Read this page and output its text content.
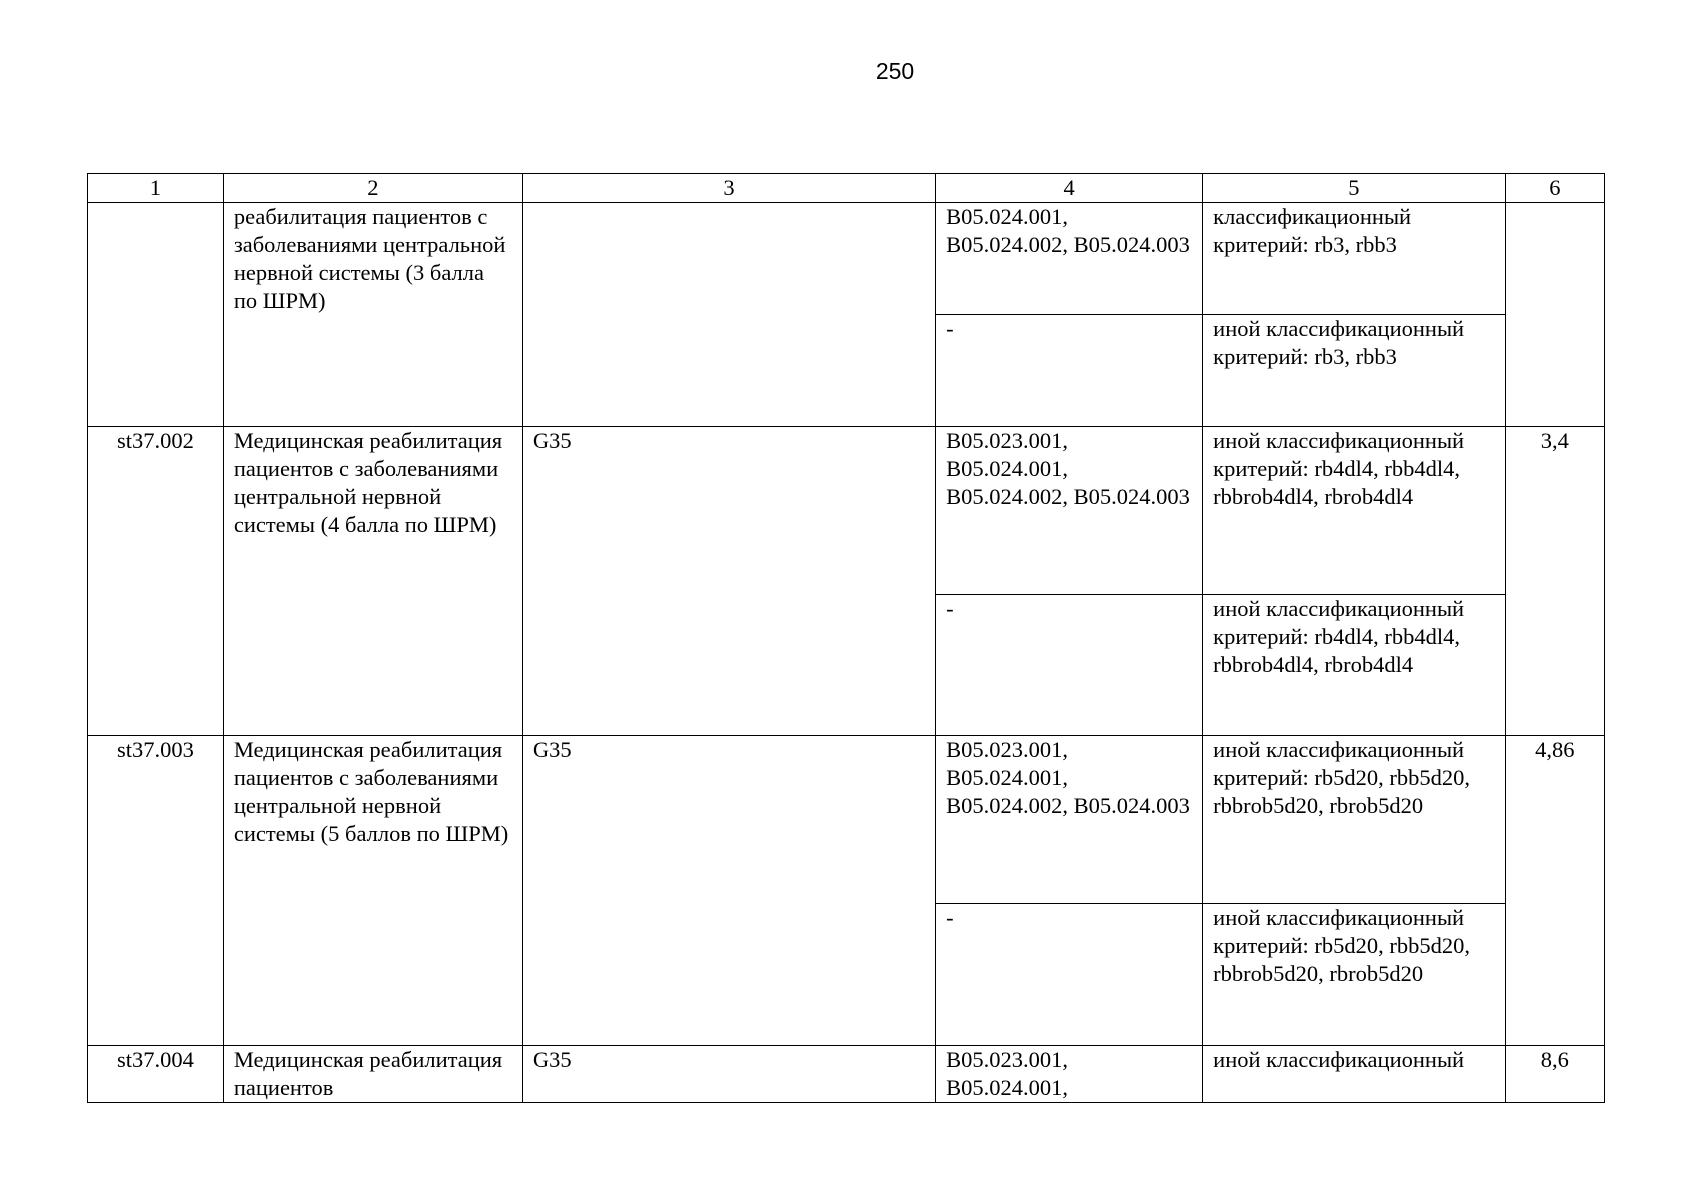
250
1	2	3	4	5	6
	реабилитация пациентов с заболеваниями центральной нервной системы (3 балла по ШРМ)		B05.024.001, B05.024.002, B05.024.003	классификационный критерий: rb3, rbb3	
			-	иной классификационный критерий: rb3, rbb3	
st37.002	Медицинская реабилитация пациентов с заболеваниями центральной нервной системы (4 балла по ШРМ)	G35	B05.023.001, B05.024.001, B05.024.002, B05.024.003	иной классификационный критерий: rb4dl4, rbb4dl4, rbbrob4dl4, rbrob4dl4	3,4
			-	иной классификационный критерий: rb4dl4, rbb4dl4, rbbrob4dl4, rbrob4dl4	
st37.003	Медицинская реабилитация пациентов с заболеваниями центральной нервной системы (5 баллов по ШРМ)	G35	B05.023.001, B05.024.001, B05.024.002, B05.024.003	иной классификационный критерий: rb5d20, rbb5d20, rbbrob5d20, rbrob5d20	4,86
			-	иной классификационный критерий: rb5d20, rbb5d20, rbbrob5d20, rbrob5d20	
st37.004	Медицинская реабилитация пациентов	G35	B05.023.001, B05.024.001,	иной классификационный	8,6
